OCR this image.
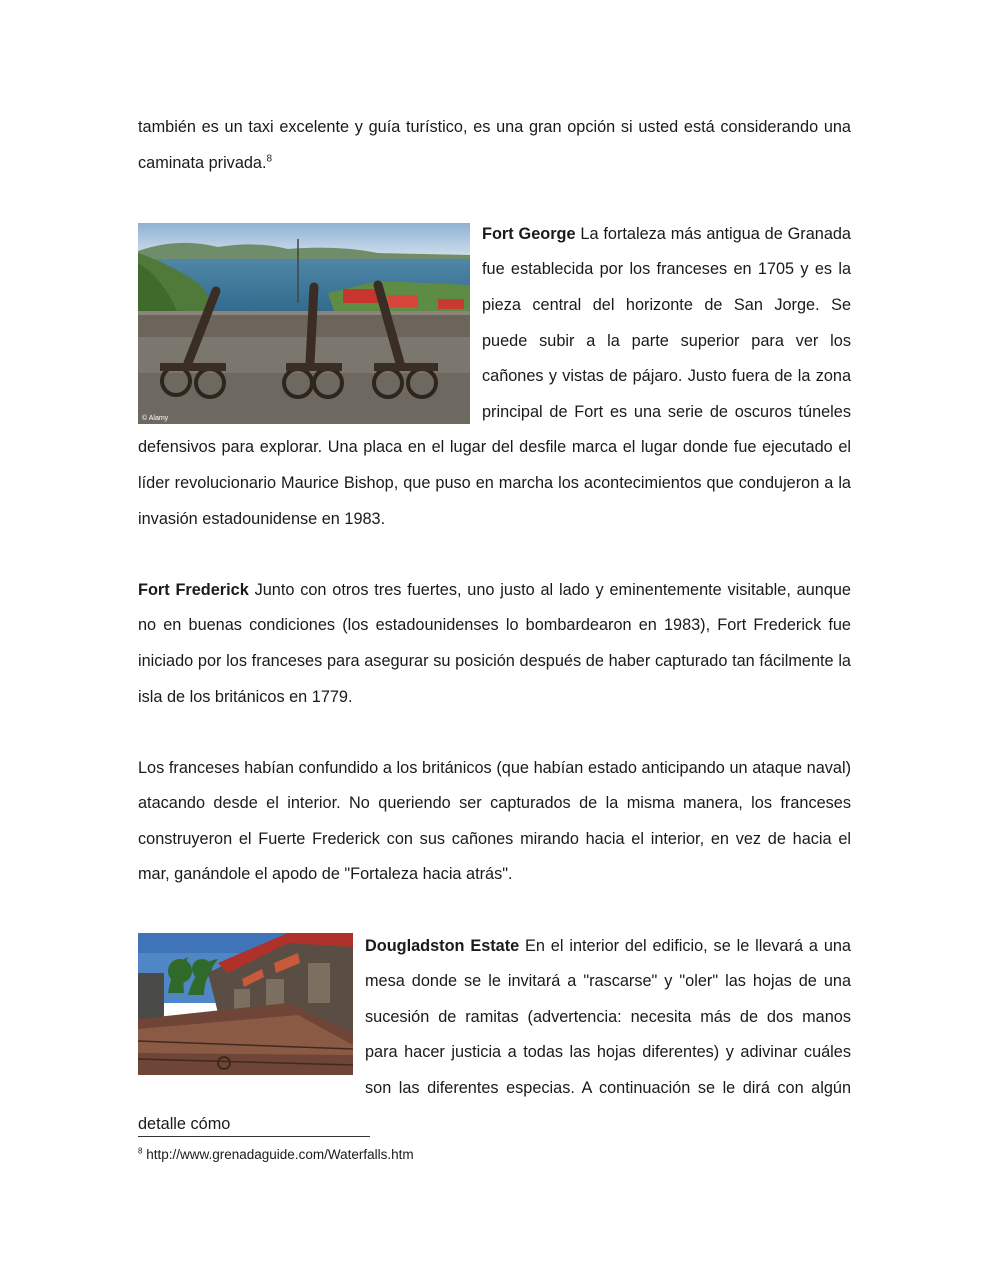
también es un taxi excelente y guía turístico, es una gran opción si usted está considerando una caminata privada.$^8$

© Alamy
Fort George La fortaleza más antigua de Granada fue establecida por los franceses en 1705 y es la pieza central del horizonte de San Jorge. Se puede subir a la parte superior para ver los cañones y vistas de pájaro. Justo fuera de la zona principal de Fort es una serie de oscuros túneles defensivos para explorar. Una placa en el lugar del desfile marca el lugar donde fue ejecutado el líder revolucionario Maurice Bishop, que puso en marcha los acontecimientos que condujeron a la invasión estadounidense en 1983.

Fort Frederick Junto con otros tres fuertes, uno justo al lado y eminentemente visitable, aunque no en buenas condiciones (los estadounidenses lo bombardearon en 1983), Fort Frederick fue iniciado por los franceses para asegurar su posición después de haber capturado tan fácilmente la isla de los británicos en 1779.

Los franceses habían confundido a los británicos (que habían estado anticipando un ataque naval) atacando desde el interior. No queriendo ser capturados de la misma manera, los franceses construyeron el Fuerte Frederick con sus cañones mirando hacia el interior, en vez de hacia el mar, ganándole el apodo de "Fortaleza hacia atrás".

Dougladston Estate En el interior del edificio, se le llevará a una mesa donde se le invitará a "rascarse" y "oler" las hojas de una sucesión de ramitas (advertencia: necesita más de dos manos para hacer justicia a todas las hojas diferentes) y adivinar cuáles son las diferentes especias. A continuación se le dirá con algún detalle cómo

$^8$ http://www.grenadaguide.com/Waterfalls.htm
